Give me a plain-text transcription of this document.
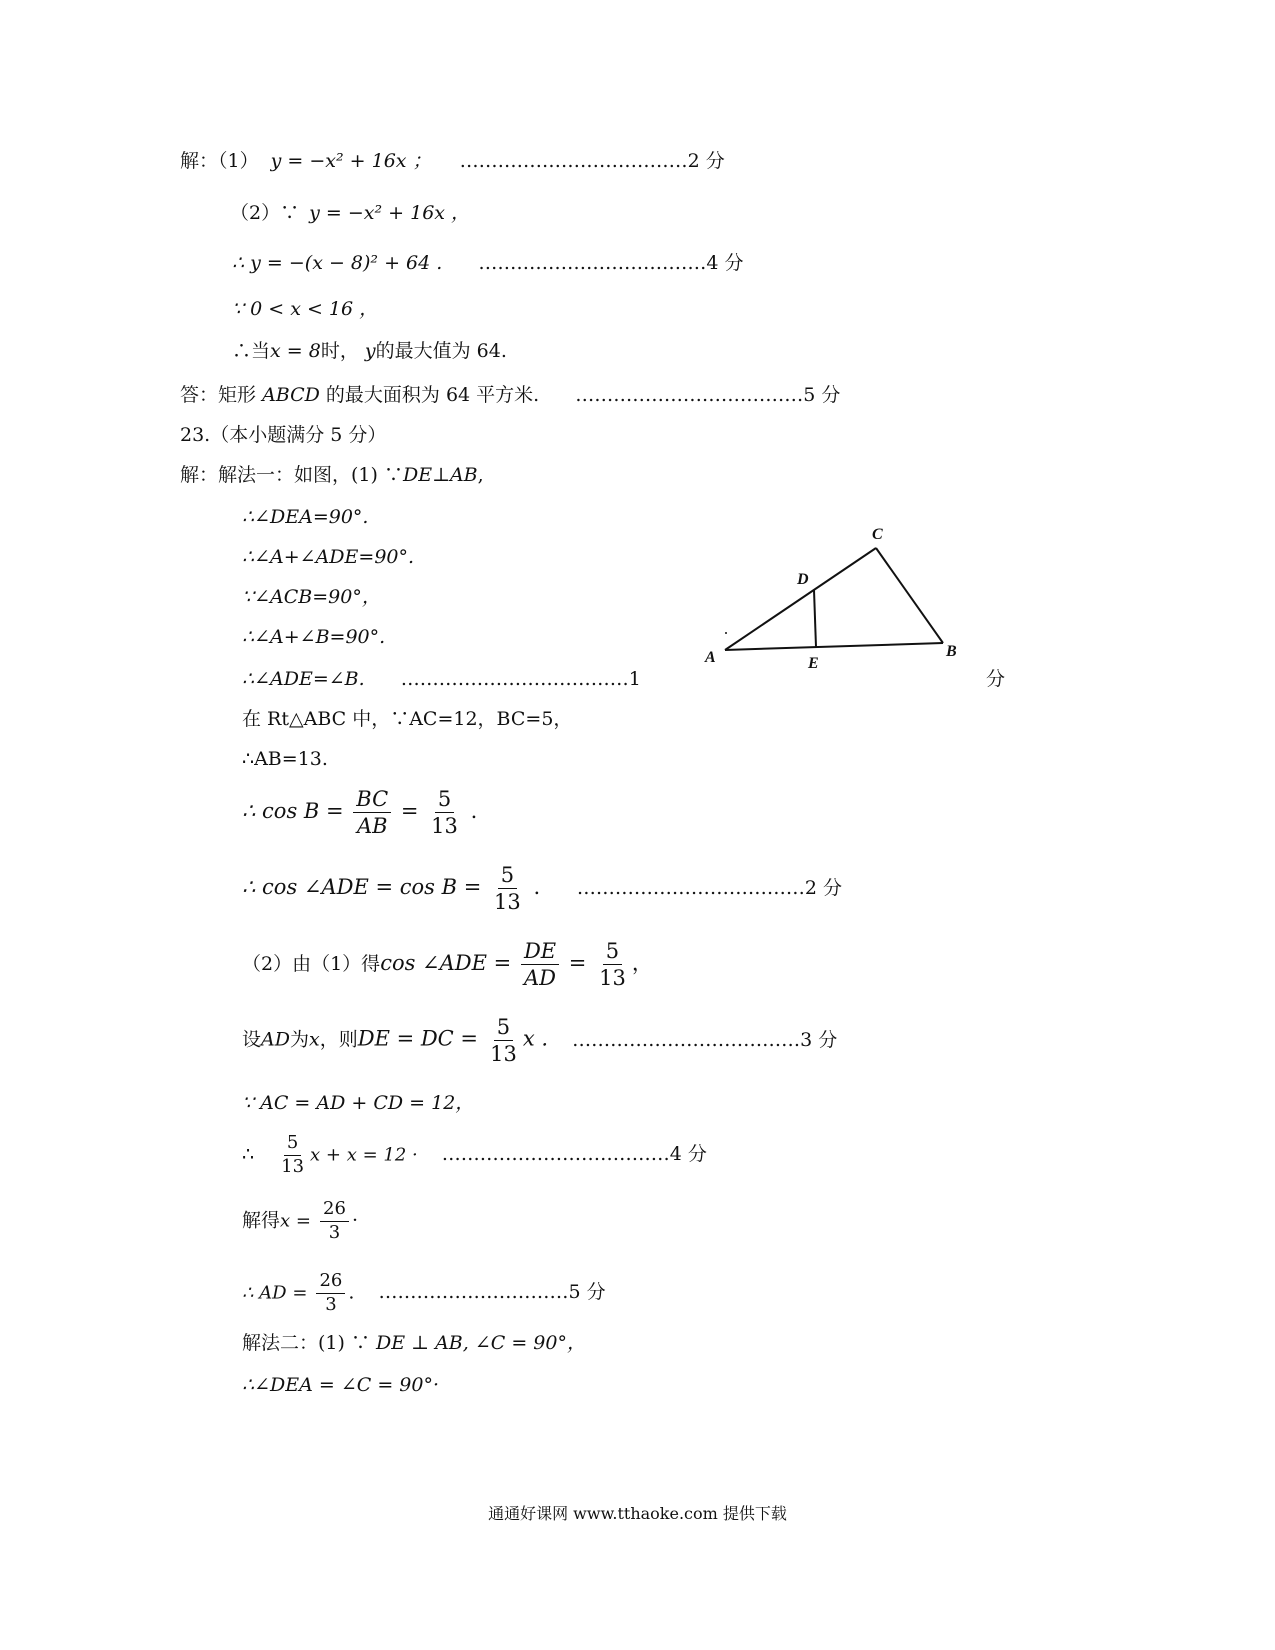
解：（1） y = −x² + 16x ； ………………………………2 分
（2）∵ y = −x² + 16x ，
∴ y = −(x − 8)² + 64 . ………………………………4 分
∵ 0 < x < 16 ，
∴当x = 8时， y的最大值为 64.
答：矩形 ABCD 的最大面积为 64 平方米. ………………………………5 分
23.（本小题满分 5 分）
解：解法一：如图，(1) ∵DE⊥AB,
∴∠DEA=90°.
∴∠A+∠ADE=90°.
∵∠ACB=90°，
∴∠A+∠B=90°.
∴∠ADE=∠B. ………………………………1	分
在 Rt△ABC 中，∵AC=12，BC=5，
∴AB=13.
∴ $\cos B = \frac{BC}{AB} = \frac{5}{13}$ .
∴ cos ∠ADE = $\cos B = \frac{5}{13}$ . ………………………………2 分
（2）由（1）得cos ∠ADE = $\frac{DE}{AD} = \frac{5}{13}$ ，
设AD为x，则DE = DC = $\frac{5}{13}$ x . ………………………………3 分
∵ AC = AD + CD = 12，
∴ $\frac{5}{13}$ x + x = 12 · ………………………………4 分
解得$x = \frac{26}{3}$ ·
∴ AD = $\frac{26}{3}$ . …………………………5 分
解法二：(1) ∵ DE ⊥ AB, ∠C = 90°，
∴∠DEA = ∠C = 90°·
A	B
C
D
E
通通好课网 www.tthaoke.com 提供下载
